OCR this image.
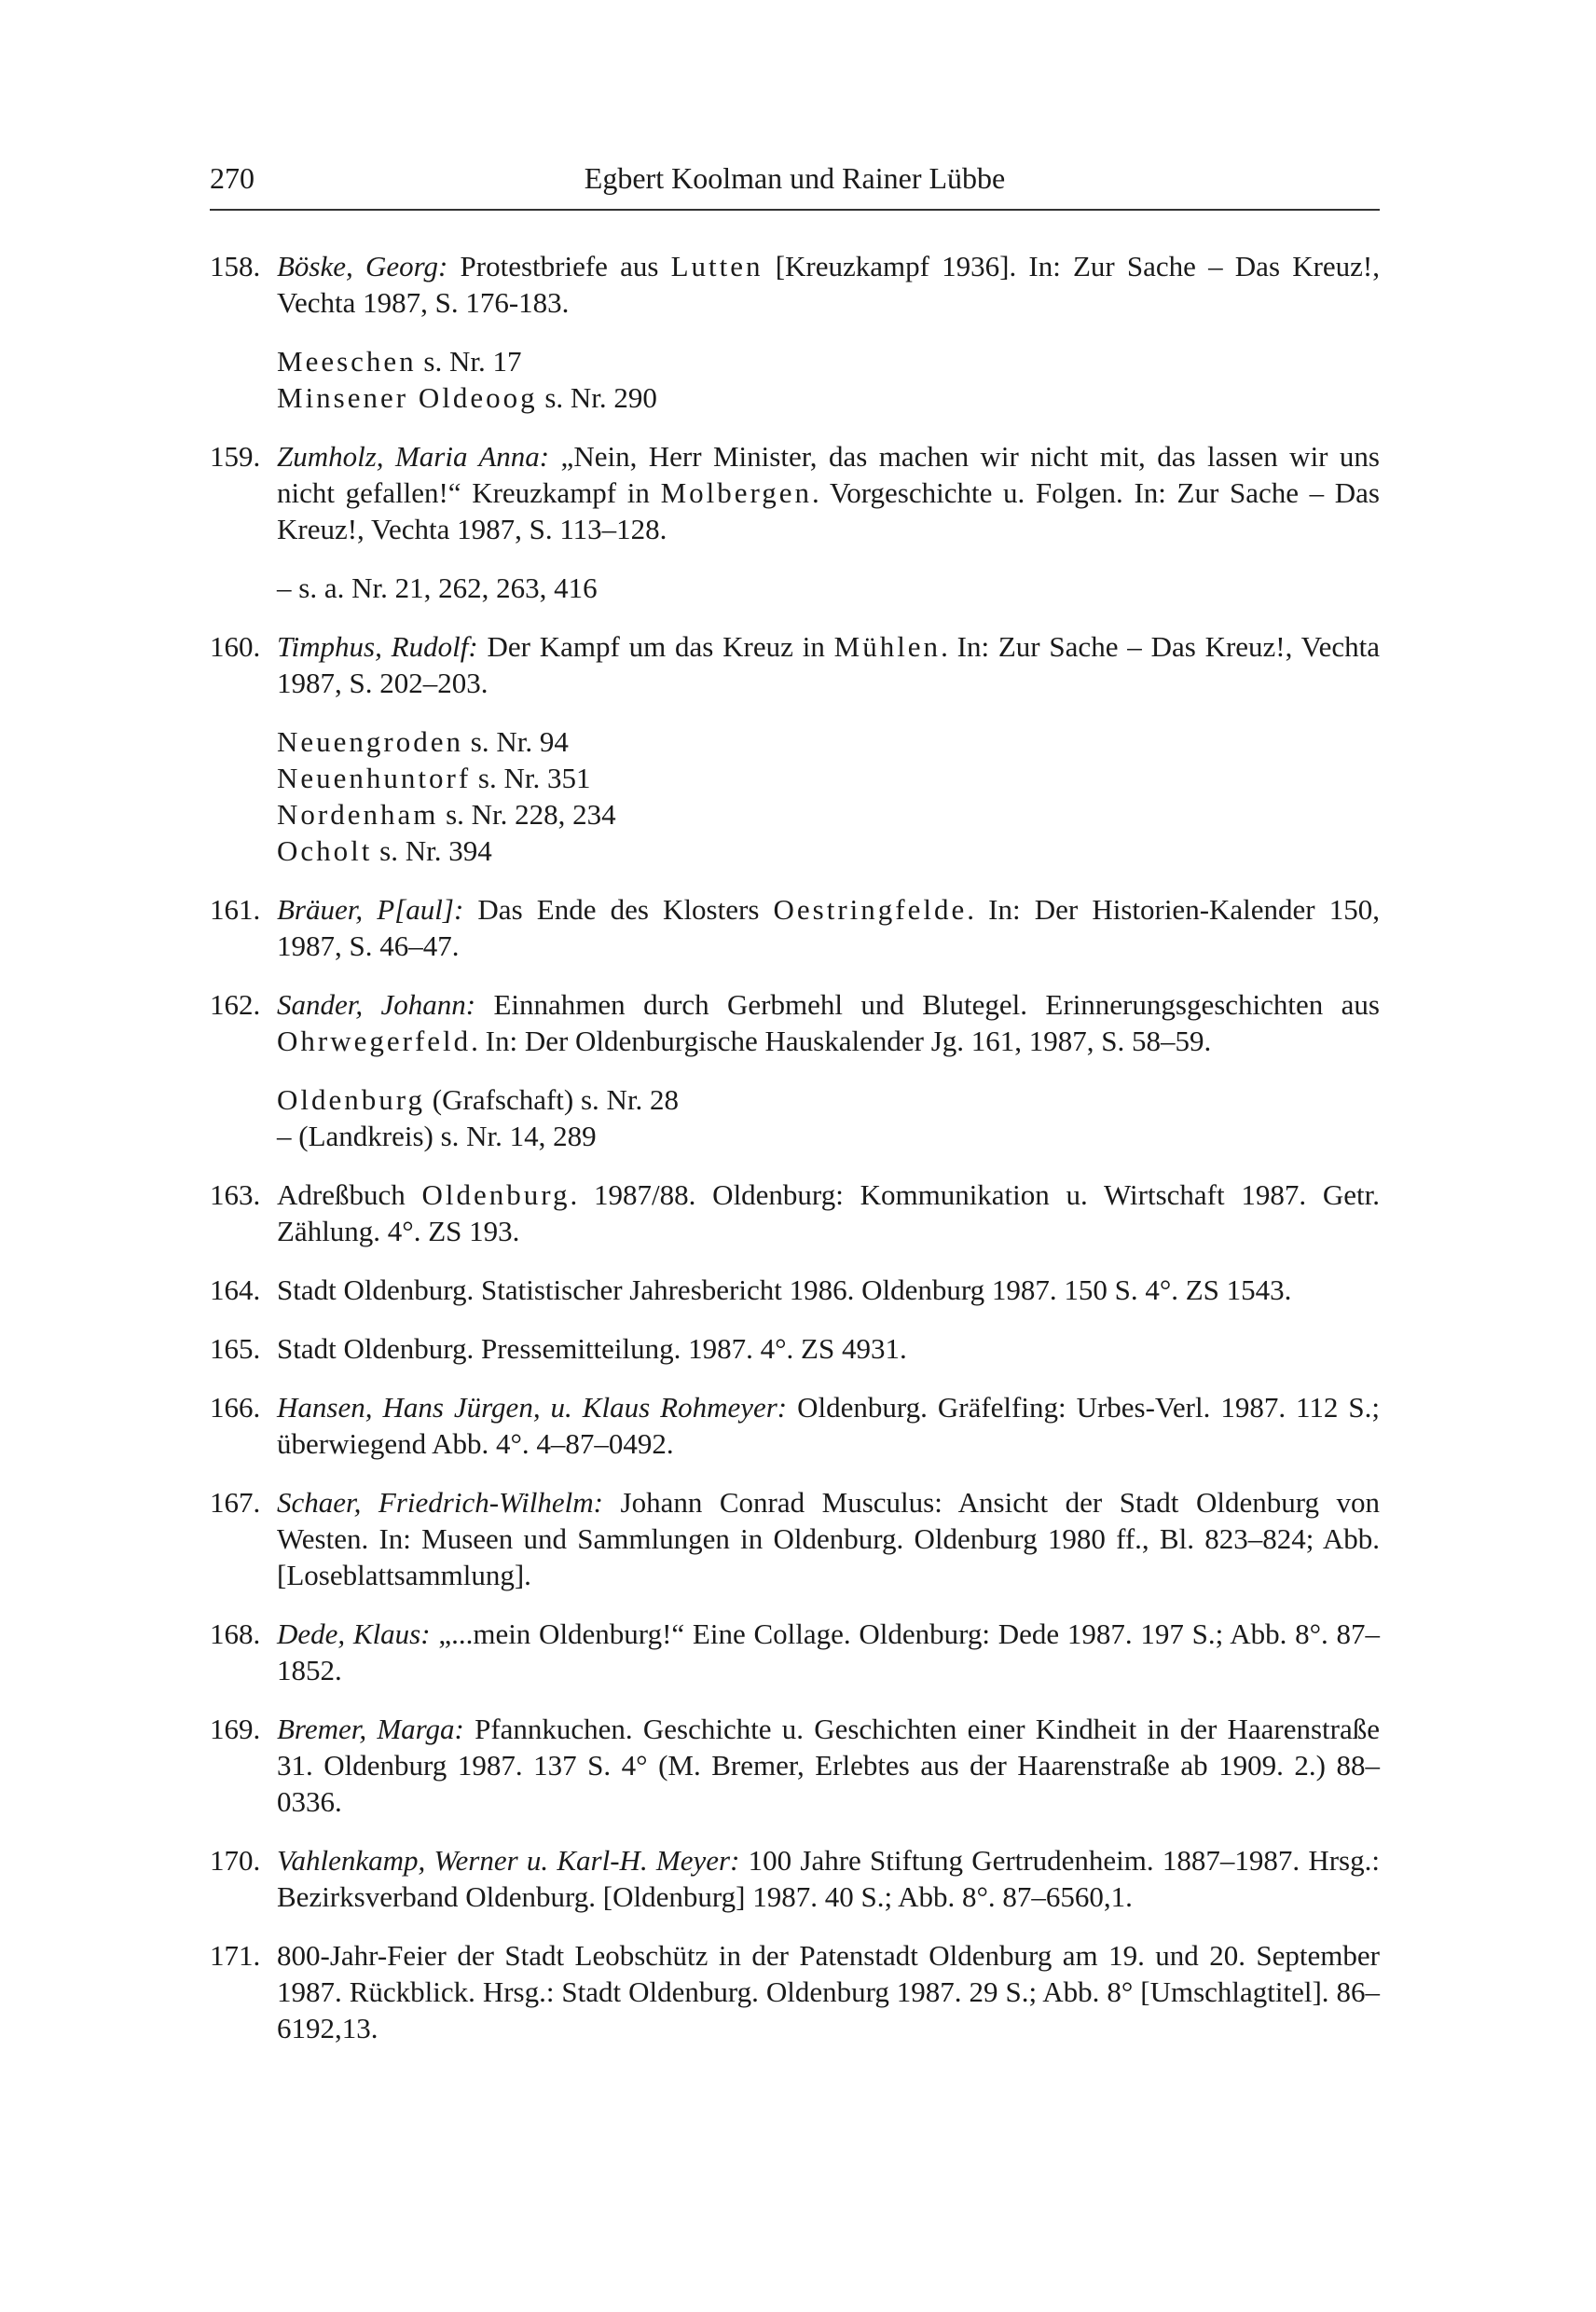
270	Egbert Koolman und Rainer Lübbe

158. Böske, Georg: Protestbriefe aus Lutten [Kreuzkampf 1936]. In: Zur Sache – Das Kreuz!, Vechta 1987, S. 176-183.

Meeschen s. Nr. 17
Minsener Oldeoog s. Nr. 290

159. Zumholz, Maria Anna: „Nein, Herr Minister, das machen wir nicht mit, das lassen wir uns nicht gefallen!“ Kreuzkampf in Molbergen. Vorgeschichte u. Folgen. In: Zur Sache – Das Kreuz!, Vechta 1987, S. 113–128.

– s. a. Nr. 21, 262, 263, 416

160. Timphus, Rudolf: Der Kampf um das Kreuz in Mühlen. In: Zur Sache – Das Kreuz!, Vechta 1987, S. 202–203.

Neuengroden s. Nr. 94
Neuenhuntorf s. Nr. 351
Nordenham s. Nr. 228, 234
Ocholt s. Nr. 394

161. Bräuer, P[aul]: Das Ende des Klosters Oestringfelde. In: Der Historien-Kalender 150, 1987, S. 46–47.

162. Sander, Johann: Einnahmen durch Gerbmehl und Blutegel. Erinnerungsgeschichten aus Ohrwegerfeld. In: Der Oldenburgische Hauskalender Jg. 161, 1987, S. 58–59.

Oldenburg (Grafschaft) s. Nr. 28
– (Landkreis) s. Nr. 14, 289

163. Adreßbuch Oldenburg. 1987/88. Oldenburg: Kommunikation u. Wirtschaft 1987. Getr. Zählung. 4°. ZS 193.

164. Stadt Oldenburg. Statistischer Jahresbericht 1986. Oldenburg 1987. 150 S. 4°. ZS 1543.

165. Stadt Oldenburg. Pressemitteilung. 1987. 4°. ZS 4931.

166. Hansen, Hans Jürgen, u. Klaus Rohmeyer: Oldenburg. Gräfelfing: Urbes-Verl. 1987. 112 S.; überwiegend Abb. 4°. 4–87–0492.

167. Schaer, Friedrich-Wilhelm: Johann Conrad Musculus: Ansicht der Stadt Oldenburg von Westen. In: Museen und Sammlungen in Oldenburg. Oldenburg 1980 ff., Bl. 823–824; Abb. [Loseblattsammlung].

168. Dede, Klaus: „...mein Oldenburg!“ Eine Collage. Oldenburg: Dede 1987. 197 S.; Abb. 8°. 87–1852.

169. Bremer, Marga: Pfannkuchen. Geschichte u. Geschichten einer Kindheit in der Haarenstraße 31. Oldenburg 1987. 137 S. 4° (M. Bremer, Erlebtes aus der Haarenstraße ab 1909. 2.) 88–0336.

170. Vahlenkamp, Werner u. Karl-H. Meyer: 100 Jahre Stiftung Gertrudenheim. 1887–1987. Hrsg.: Bezirksverband Oldenburg. [Oldenburg] 1987. 40 S.; Abb. 8°. 87–6560,1.

171. 800-Jahr-Feier der Stadt Leobschütz in der Patenstadt Oldenburg am 19. und 20. September 1987. Rückblick. Hrsg.: Stadt Oldenburg. Oldenburg 1987. 29 S.; Abb. 8° [Umschlagtitel]. 86–6192,13.
